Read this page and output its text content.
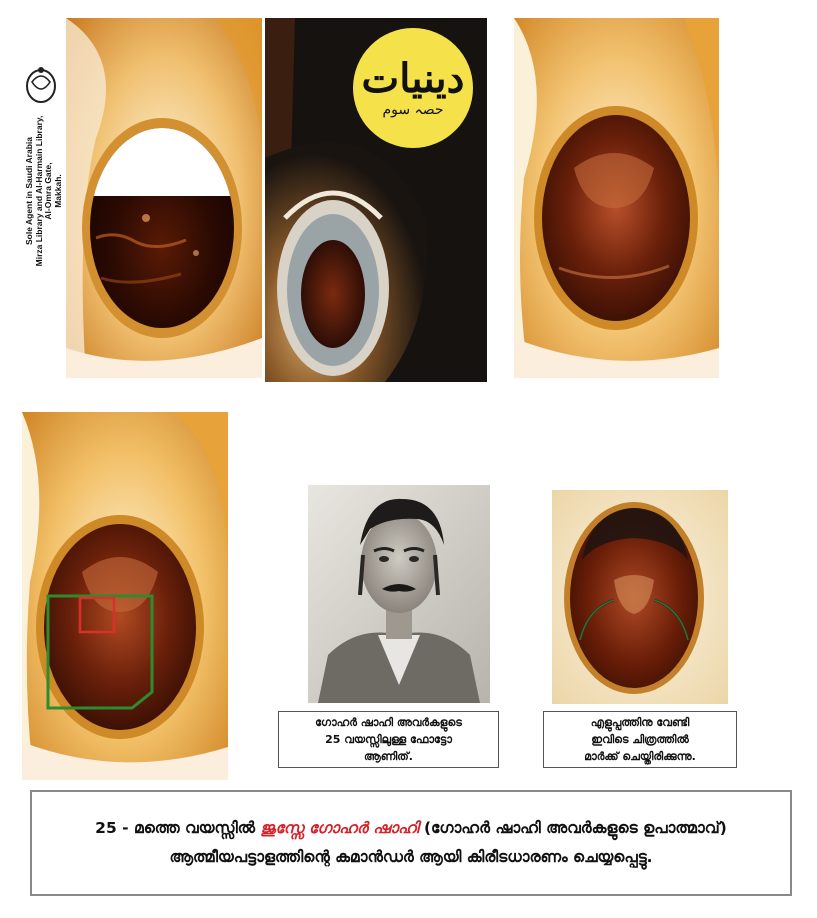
Sole Agent in Saudi Arabia
Mirza Library and Al-Harmain Library,
Al-Omra Gate,
Makkah.
دینیات
حصہ سوم
ഗോഹർ ഷാഹി അവർകളുടെ
25 വയസ്സിലുള്ള ഫോട്ടോ
ആണിത്.
എളുപ്പത്തിനു വേണ്ടി
ഇവിടെ ചിത്രത്തിൽ
മാർക്ക് ചെയ്തിരിക്കുന്നു.
25 - മത്തെ വയസ്സിൽ ജുസ്സേ ഗോഹർ ഷാഹി (ഗോഹർ ഷാഹി അവർകളുടെ ഉപാത്മാവ്) ആത്മീയപട്ടാളത്തിന്റെ കമാൻഡർ ആയി കിരീടധാരണം ചെയ്യപ്പെട്ടു.
